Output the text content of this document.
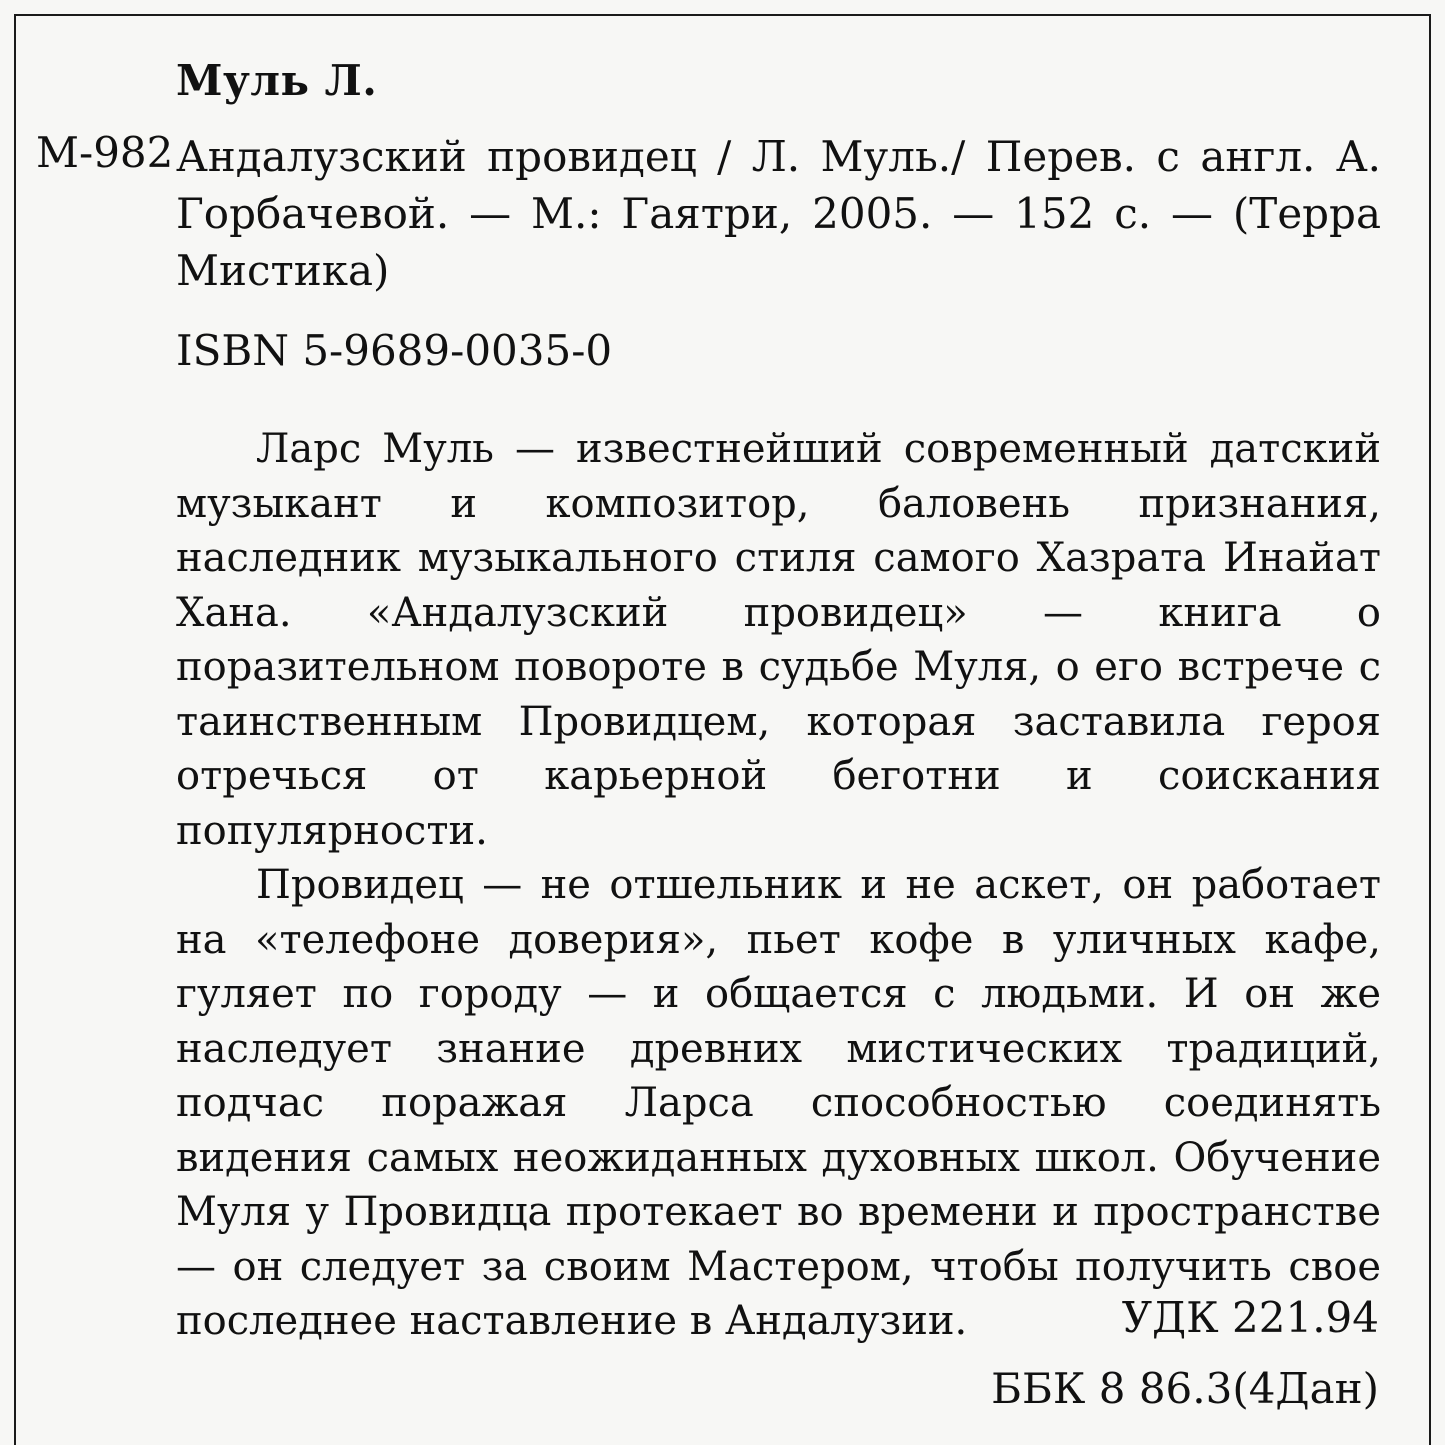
Муль Л.
М-982 Андалузский провидец / Л. Муль./ Перев. с англ. А. Горбачевой. — М.: Гаятри, 2005. — 152 с. — (Терра Мистика)
ISBN 5-9689-0035-0

Ларс Муль — известнейший современный датский музыкант и композитор, баловень признания, наследник музыкального стиля самого Хазрата Инайат Хана. «Андалузский провидец» — книга о поразительном повороте в судьбе Муля, о его встрече с таинственным Провидцем, которая заставила героя отречься от карьерной беготни и соискания популярности.

Провидец — не отшельник и не аскет, он работает на «телефоне доверия», пьет кофе в уличных кафе, гуляет по городу — и общается с людьми. И он же наследует знание древних мистических традиций, подчас поражая Ларса способностью соединять видения самых неожиданных духовных школ. Обучение Муля у Провидца протекает во времени и пространстве — он следует за своим Мастером, чтобы получить свое последнее наставление в Андалузии.	УДК 221.94
ББК 8 86.3(4Дан)
